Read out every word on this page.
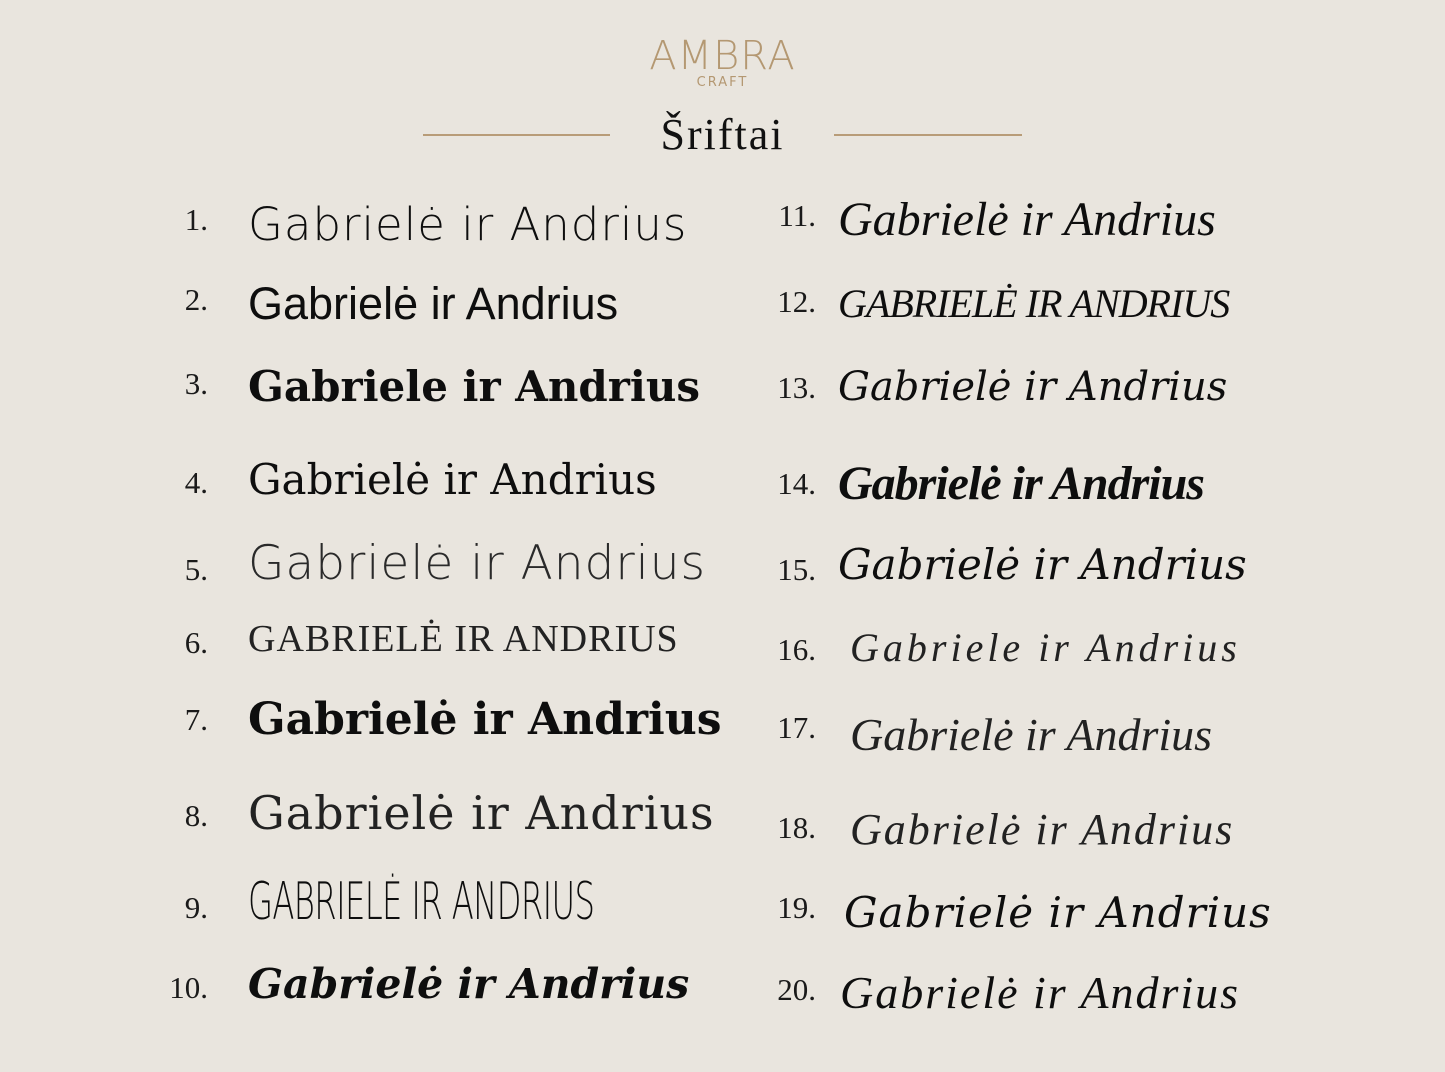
AMBRA
CRAFT
Šriftai
1. Gabrielė ir Andrius
2. Gabrielė ir Andrius
3. Gabriele ir Andrius
4. Gabrielė ir Andrius
5. Gabrielė ir Andrius
6. GABRIELĖ IR ANDRIUS
7. Gabrielė ir Andrius
8. Gabrielė ir Andrius
9. GABRIELĖ IR ANDRIUS
10. Gabrielė ir Andrius
11. Gabrielė ir Andrius
12. GABRIELĖ IR ANDRIUS
13. Gabrielė ir Andrius
14. Gabrielė ir Andrius
15. Gabrielė ir Andrius
16. Gabriele ir Andrius
17. Gabrielė ir Andrius
18. Gabrielė ir Andrius
19. Gabrielė ir Andrius
20. Gabrielė ir Andrius
